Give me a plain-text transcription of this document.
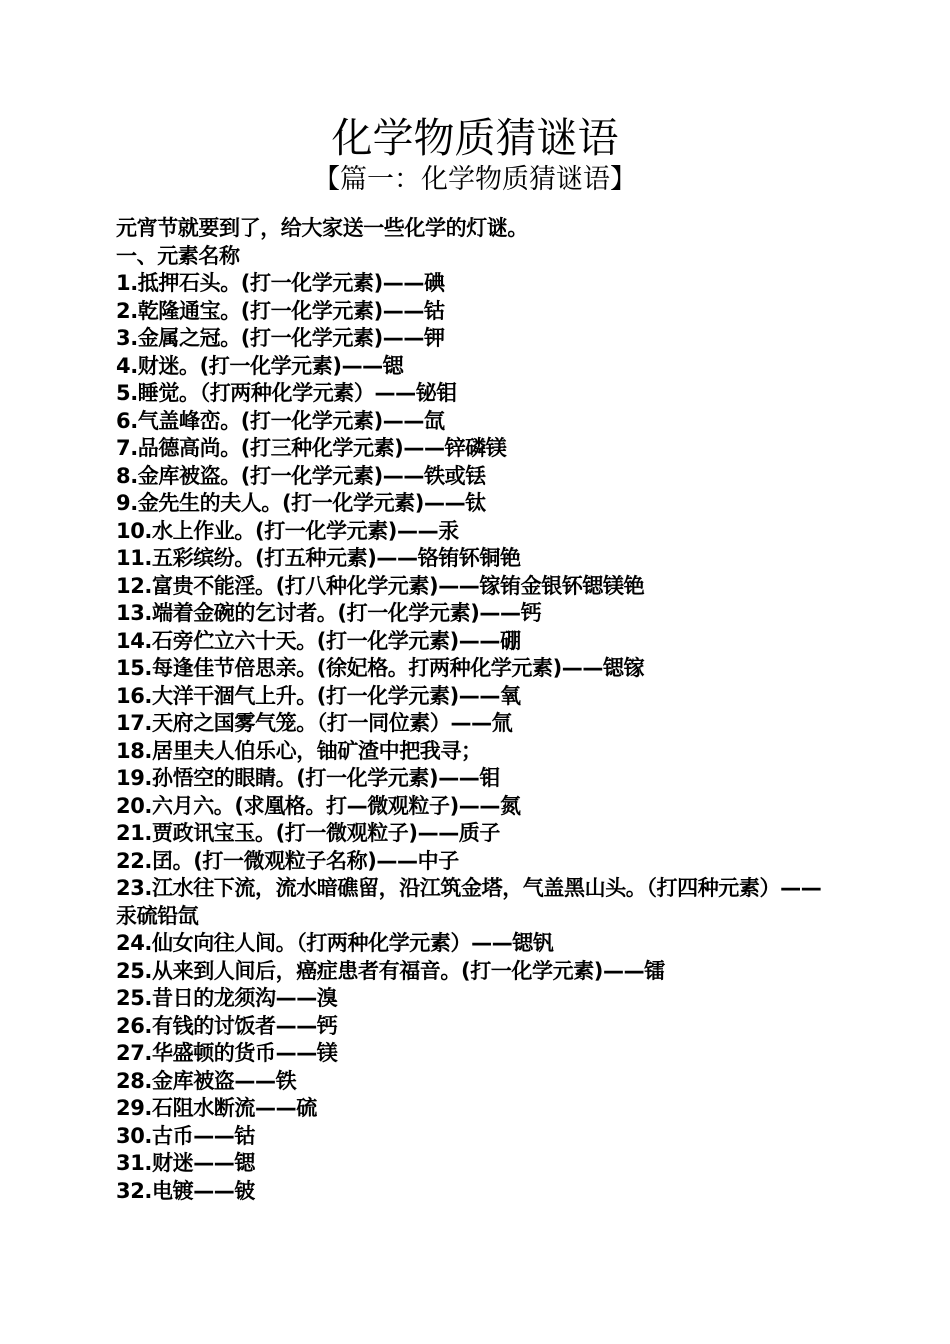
化学物质猜谜语
【篇一：化学物质猜谜语】

元宵节就要到了，给大家送一些化学的灯谜。

一、元素名称

1.抵押石头。(打一化学元素)——碘

2.乾隆通宝。(打一化学元素)——钴

3.金属之冠。(打一化学元素)——钾

4.财迷。(打一化学元素)——锶

5.睡觉。（打两种化学元素）——铋钼

6.气盖峰峦。(打一化学元素)——氙

7.品德高尚。(打三种化学元素)——锌磷镁

8.金库被盗。(打一化学元素)——铁或铥

9.金先生的夫人。(打一化学元素)——钛

10.水上作业。(打一化学元素)——汞

11.五彩缤纷。(打五种元素)——铬铕钚铜铯

12.富贵不能淫。(打八种化学元素)——镓铕金银钚锶镁铯

13.端着金碗的乞讨者。(打一化学元素)——钙

14.石旁伫立六十天。(打一化学元素)——硼

15.每逢佳节倍思亲。(徐妃格。打两种化学元素)——锶镓

16.大洋干涸气上升。(打一化学元素)——氧

17.天府之国雾气笼。（打一同位素）——氚

18.居里夫人伯乐心，铀矿渣中把我寻；

19.孙悟空的眼睛。(打一化学元素)——钼

20.六月六。(求凰格。打—微观粒子)——氮

21.贾政讯宝玉。(打一微观粒子)——质子

22.囝。(打一微观粒子名称)——中子

23.江水往下流，流水暗礁留，沿江筑金塔，气盖黑山头。（打四种元素）——汞硫铅氙

24.仙女向往人间。（打两种化学元素）——锶钒

25.从来到人间后，癌症患者有福音。(打一化学元素)——镭

25.昔日的龙须沟——溴

26.有钱的讨饭者——钙

27.华盛顿的货币——镁

28.金库被盗——铁

29.石阻水断流——硫

30.古币——钴

31.财迷——锶

32.电镀——铍
